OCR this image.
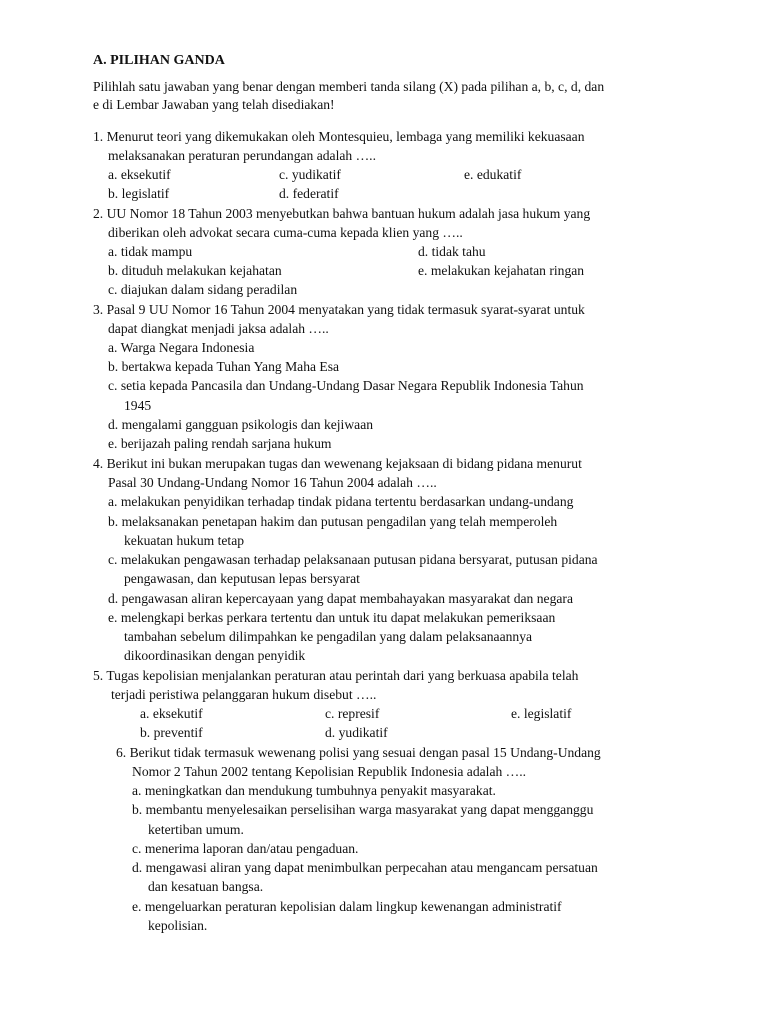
A. PILIHAN GANDA
Pilihlah satu jawaban yang benar dengan memberi tanda silang (X) pada pilihan a, b, c, d, dan
e di Lembar Jawaban yang telah disediakan!
1. Menurut teori yang dikemukakan oleh Montesquieu, lembaga yang memiliki kekuasaan
melaksanakan peraturan perundangan adalah …..
a. eksekutif	c. yudikatif	e. edukatif
b. legislatif	d. federatif
2. UU Nomor 18 Tahun 2003 menyebutkan bahwa bantuan hukum adalah jasa hukum yang
diberikan oleh advokat secara cuma-cuma kepada klien yang …..
a. tidak mampu	d. tidak tahu
b. dituduh melakukan kejahatan	e. melakukan kejahatan ringan
c. diajukan dalam sidang peradilan
3. Pasal 9 UU Nomor 16 Tahun 2004 menyatakan yang tidak termasuk syarat-syarat untuk
dapat diangkat menjadi jaksa adalah …..
a. Warga Negara Indonesia
b. bertakwa kepada Tuhan Yang Maha Esa
c. setia kepada Pancasila dan Undang-Undang Dasar Negara Republik Indonesia Tahun
1945
d. mengalami gangguan psikologis dan kejiwaan
e. berijazah paling rendah sarjana hukum
4. Berikut ini bukan merupakan tugas dan wewenang kejaksaan di bidang pidana menurut
Pasal 30 Undang-Undang Nomor 16 Tahun 2004 adalah …..
a. melakukan penyidikan terhadap tindak pidana tertentu berdasarkan undang-undang
b. melaksanakan penetapan hakim dan putusan pengadilan yang telah memperoleh
kekuatan hukum tetap
c. melakukan pengawasan terhadap pelaksanaan putusan pidana bersyarat, putusan pidana
pengawasan, dan keputusan lepas bersyarat
d. pengawasan aliran kepercayaan yang dapat membahayakan masyarakat dan negara
e. melengkapi berkas perkara tertentu dan untuk itu dapat melakukan pemeriksaan
tambahan sebelum dilimpahkan ke pengadilan yang dalam pelaksanaannya
dikoordinasikan dengan penyidik
5. Tugas kepolisian menjalankan peraturan atau perintah dari yang berkuasa apabila telah
terjadi peristiwa pelanggaran hukum disebut …..
a. eksekutif	c. represif	e. legislatif
b. preventif	d. yudikatif
6. Berikut tidak termasuk wewenang polisi yang sesuai dengan pasal 15 Undang-Undang
Nomor 2 Tahun 2002 tentang Kepolisian Republik Indonesia adalah …..
a. meningkatkan dan mendukung tumbuhnya penyakit masyarakat.
b. membantu menyelesaikan perselisihan warga masyarakat yang dapat mengganggu
ketertiban umum.
c. menerima laporan dan/atau pengaduan.
d. mengawasi aliran yang dapat menimbulkan perpecahan atau mengancam persatuan
dan kesatuan bangsa.
e. mengeluarkan peraturan kepolisian dalam lingkup kewenangan administratif
kepolisian.
